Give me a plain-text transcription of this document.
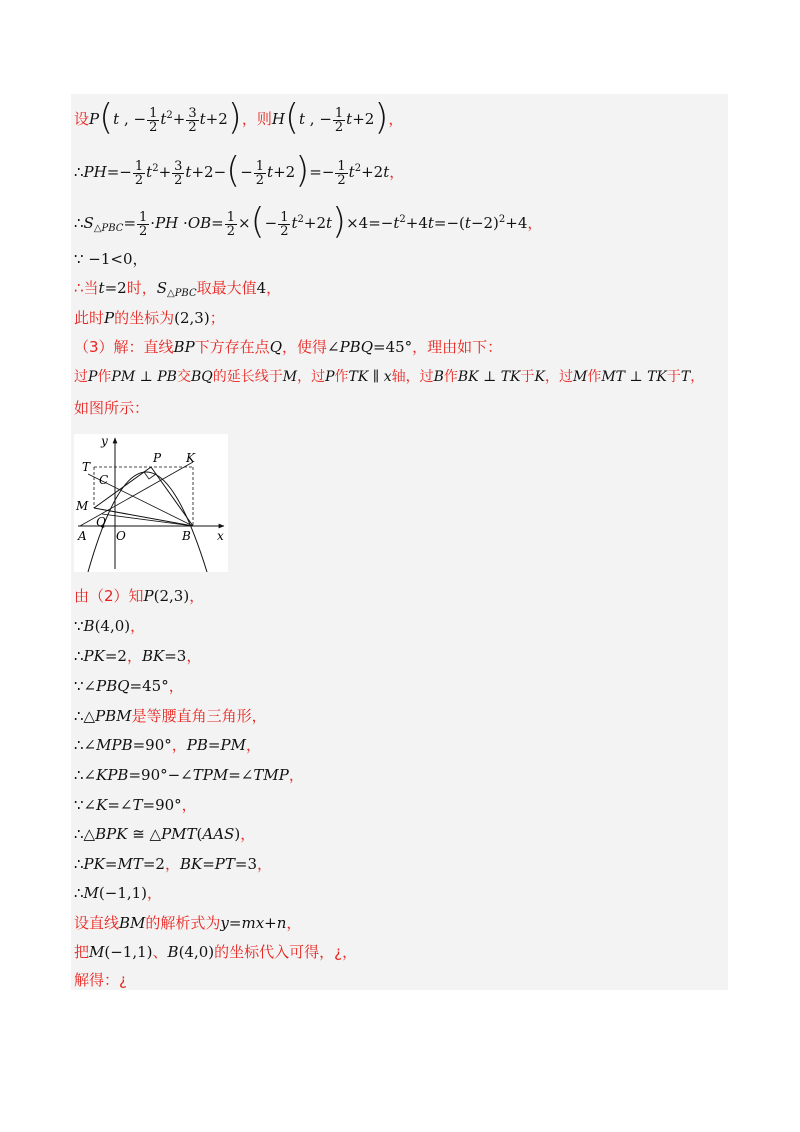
设P(t , − $\frac{1}{2} t^2+ \frac{3}{2} t+2$)，则H(t , − $\frac{1}{2} t+2$)，
∴PH=− $\frac{1}{2} t^2+ \frac{3}{2} t+2-(- \frac{1}{2} t+2)=- \frac{1}{2} t^2+2t$，
$\therefore S_{\triangle PBC}= \frac{1}{2} \cdot PH \cdot OB= \frac{1}{2}$ ×(− $\frac{1}{2} t^2+2t)\times 4=-t^2+4t=-(t-2)^2+4$，
∵ −1<0，
∴当t=2时，$S_{\triangle PBC}$取最大值4，
此时P的坐标为(2,3)；
（3）解：直线BP下方存在点Q，使得∠PBQ=45°，理由如下：
过P作PM ⊥ PB交BQ的延长线于M，过P作TK ∥ x轴，过B作BK ⊥ TK于K，过M作MT ⊥ TK于T，
如图所示：
y
x
T
P K
C
M
Q
A O	B
由（2）知P(2,3)，
∵B(4,0)，
∴PK=2，BK=3，
∵∠PBQ=45°，
∴△PBM是等腰直角三角形，
∴∠MPB=90°，PB=PM，
∴∠KPB=90°−∠TPM=∠TMP，
∵∠K=∠T=90°，
∴△BPK ≅ △PMT(AAS)，
∴PK=MT=2，BK=PT=3，
∴M(−1,1)，
设直线BM的解析式为y=mx+n，
把M(−1,1)、B(4,0)的坐标代入可得，¿，
解得：¿
